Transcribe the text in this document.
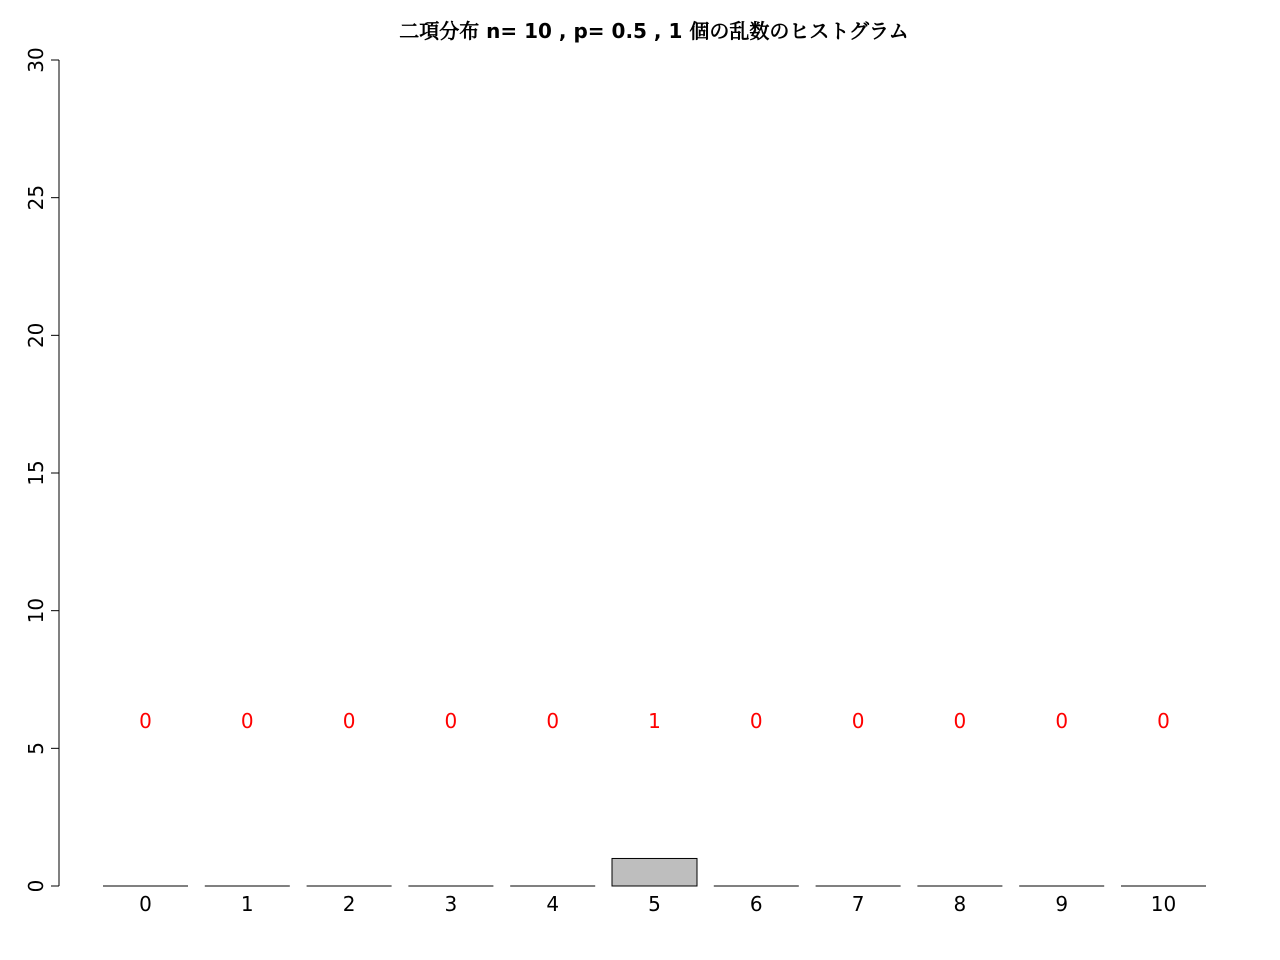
二項分布 n= 10 , p= 0.5 , 1 個の乱数のヒストグラム
0
5
10
15
20
25
30
0	0	0	0	0	1	0	0	0	0	0
0	1	2	3	4	5	6	7	8	9	10
